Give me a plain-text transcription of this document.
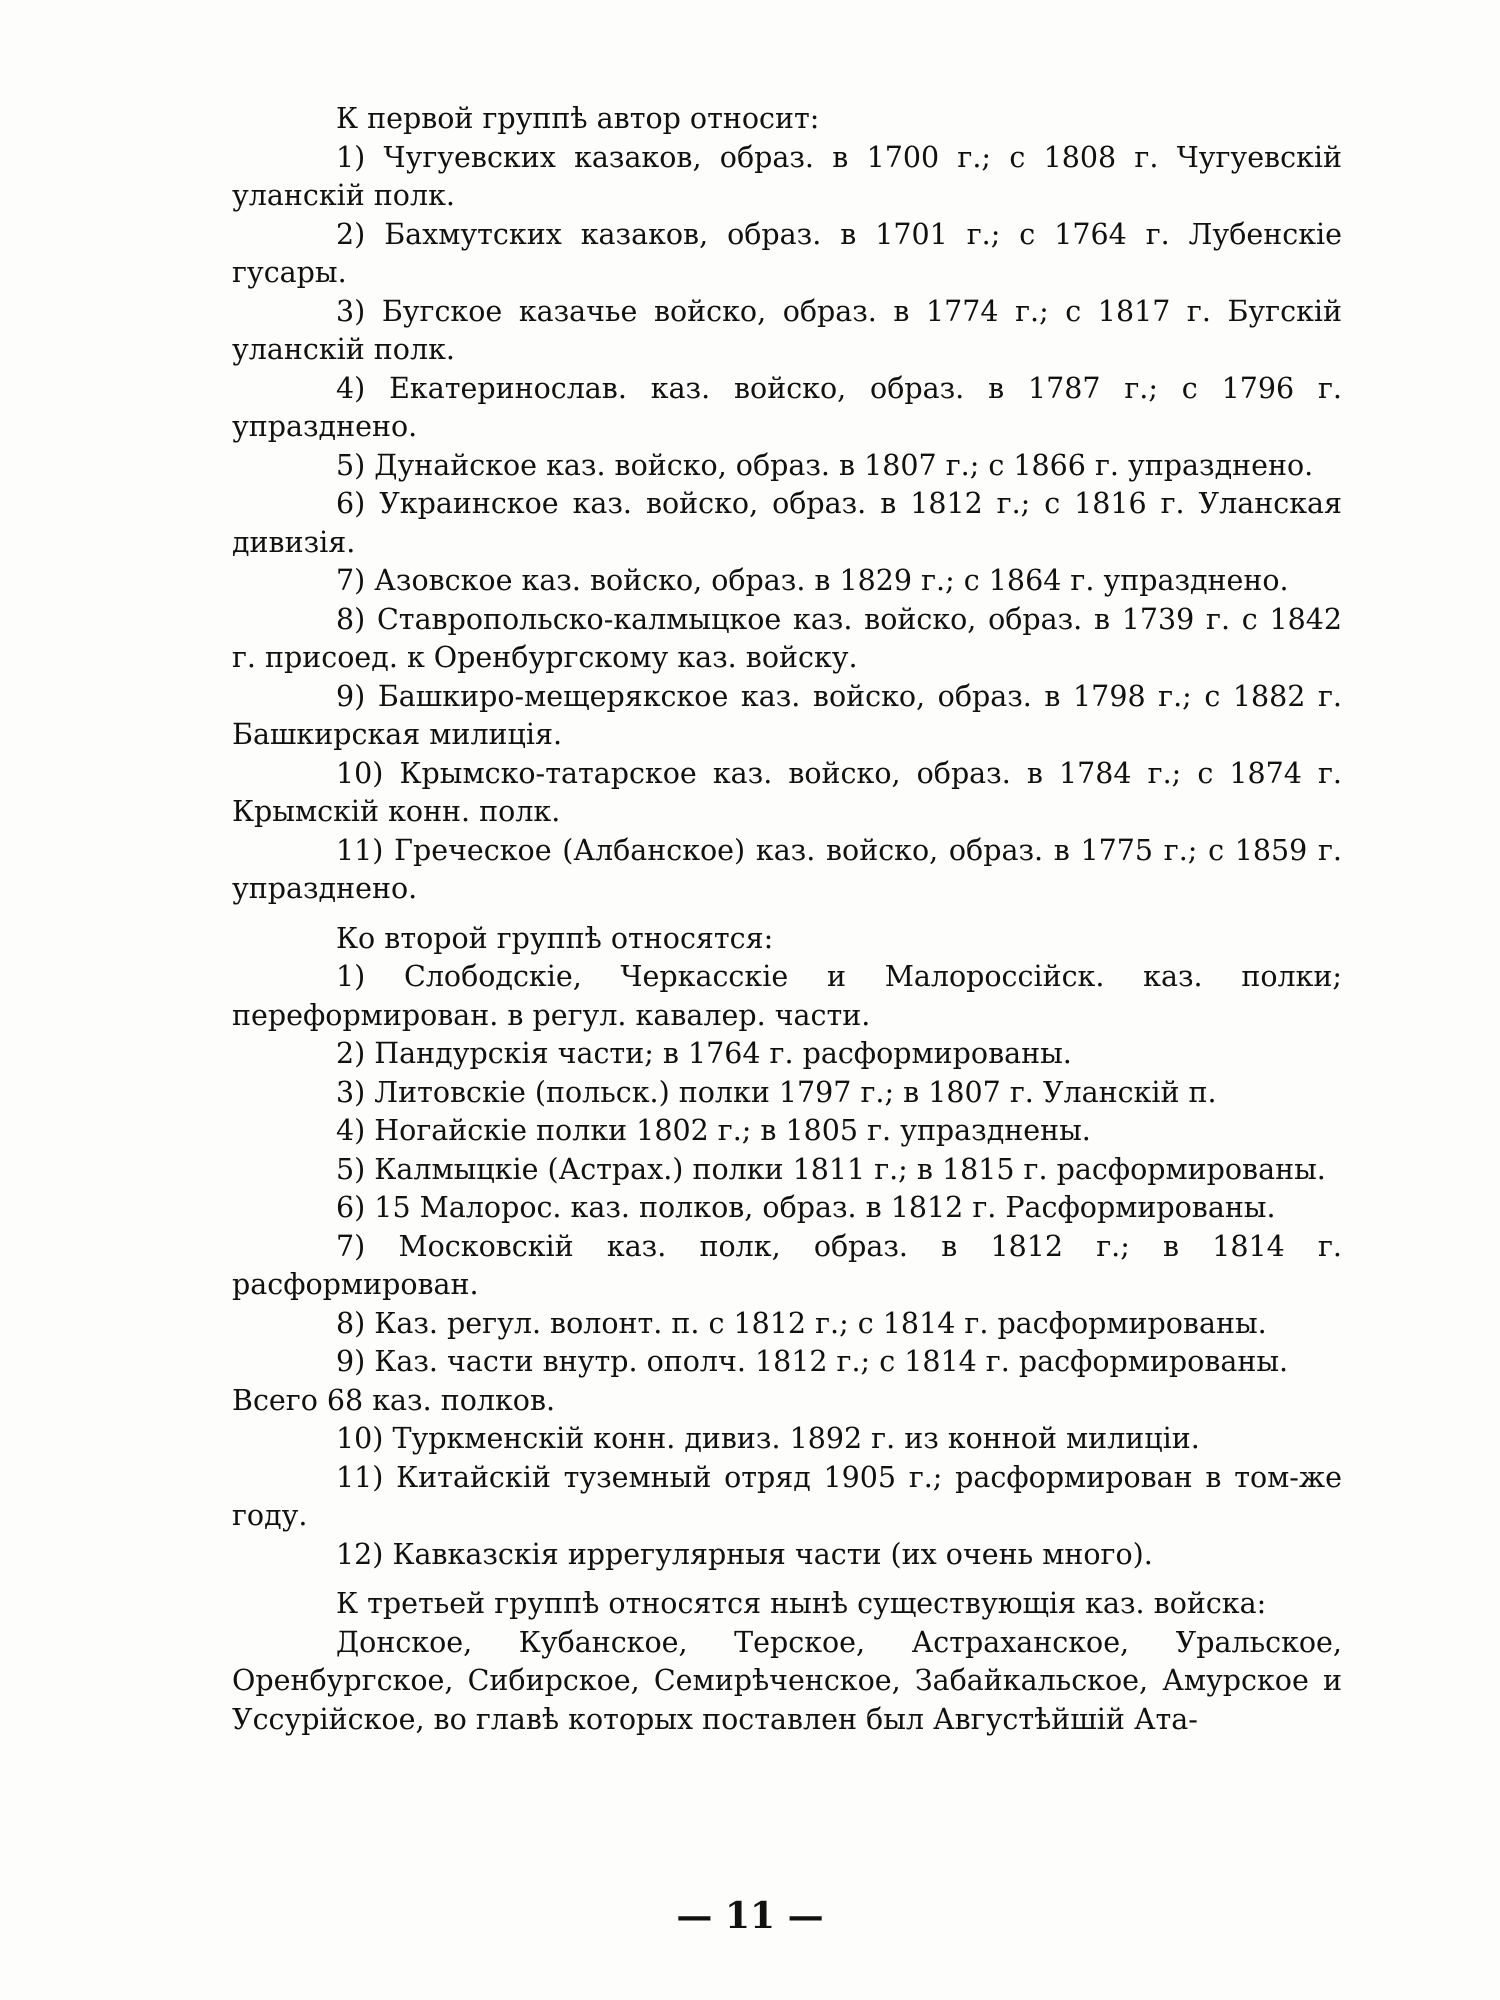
К первой группѣ автор относит:

1) Чугуевских казаков, образ. в 1700 г.; с 1808 г. Чугуевскій уланскій полк.

2) Бахмутских казаков, образ. в 1701 г.; с 1764 г. Лубенскіе гусары.

3) Бугское казачье войско, образ. в 1774 г.; с 1817 г. Бугскій уланскій полк.

4) Екатеринослав. каз. войско, образ. в 1787 г.; с 1796 г. упразднено.

5) Дунайское каз. войско, образ. в 1807 г.; с 1866 г. упразднено.

6) Украинское каз. войско, образ. в 1812 г.; с 1816 г. Уланская дивизія.

7) Азовское каз. войско, образ. в 1829 г.; с 1864 г. упразднено.

8) Ставропольско-калмыцкое каз. войско, образ. в 1739 г. с 1842 г. присоед. к Оренбургскому каз. войску.

9) Башкиро-мещерякское каз. войско, образ. в 1798 г.; с 1882 г. Башкирская милиція.

10) Крымско-татарское каз. войско, образ. в 1784 г.; с 1874 г. Крымскій конн. полк.

11) Греческое (Албанское) каз. войско, образ. в 1775 г.; с 1859 г. упразднено.

Ко второй группѣ относятся:

1) Слободскіе, Черкасскіе и Малороссійск. каз. полки; переформирован. в регул. кавалер. части.

2) Пандурскія части; в 1764 г. расформированы.

3) Литовскіе (польск.) полки 1797 г.; в 1807 г. Уланскій п.

4) Ногайскіе полки 1802 г.; в 1805 г. упразднены.

5) Калмыцкіе (Астрах.) полки 1811 г.; в 1815 г. расформированы.

6) 15 Малорос. каз. полков, образ. в 1812 г. Расформированы.

7) Московскій каз. полк, образ. в 1812 г.; в 1814 г. расформирован.

8) Каз. регул. волонт. п. с 1812 г.; с 1814 г. расформированы.

9) Каз. части внутр. ополч. 1812 г.; с 1814 г. расформированы.

Всего 68 каз. полков.

10) Туркменскій конн. дивиз. 1892 г. из конной милиціи.

11) Китайскій туземный отряд 1905 г.; расформирован в том-же году.

12) Кавказскія иррегулярныя части (их очень много).

К третьей группѣ относятся нынѣ существующія каз. войска:

Донское, Кубанское, Терское, Астраханское, Уральское, Оренбургское, Сибирское, Семирѣченское, Забайкальское, Амурское и Уссурійское, во главѣ которых поставлен был Августѣйшій Ата-

— 11 —
